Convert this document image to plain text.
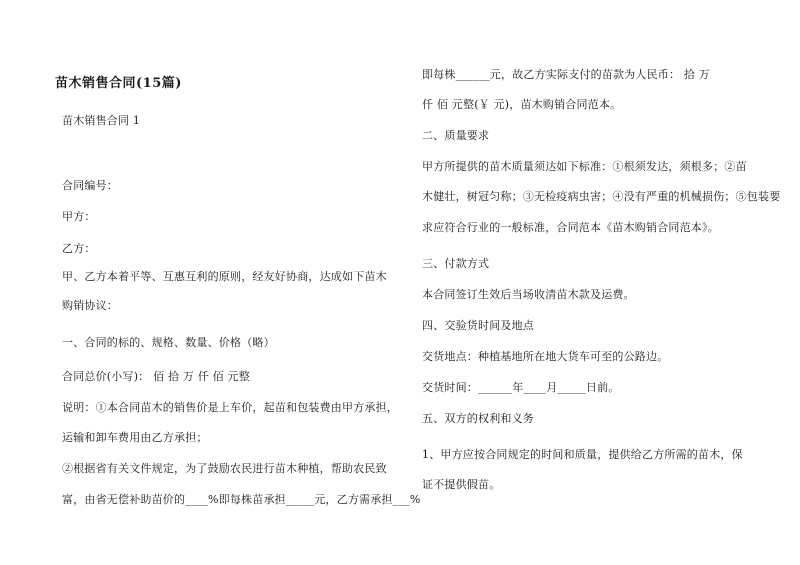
苗木销售合同(15篇)
苗木销售合同 1
合同编号：
甲方：
乙方：
甲、乙方本着平等、互惠互利的原则，经友好协商，达成如下苗木
购销协议：
一、合同的标的、规格、数量、价格（略）
合同总价(小写)： 佰 拾 万 仟 佰 元整
说明：①本合同苗木的销售价是上车价，起苗和包装费由甲方承担，
运输和卸车费用由乙方承担；
②根据省有关文件规定，为了鼓励农民进行苗木种植，帮助农民致
富，由省无偿补助苗价的____%即每株苗承担_____元，乙方需承担___%
即每株______元，故乙方实际支付的苗款为人民币： 拾 万
仟 佰 元整(￥ 元)，苗木购销合同范本。
二、质量要求
甲方所提供的苗木质量须达如下标准：①根须发达，须根多；②苗
木健壮，树冠匀称；③无检疫病虫害；④没有严重的机械损伤；⑤包装要
求应符合行业的一般标准，合同范本《苗木购销合同范本》。
三、付款方式
本合同签订生效后当场收清苗木款及运费。
四、交验货时间及地点
交货地点：种植基地所在地大货车可至的公路边。
交货时间：______年____月_____日前。
五、双方的权利和义务
1、甲方应按合同规定的时间和质量，提供给乙方所需的苗木，保
证不提供假苗。
